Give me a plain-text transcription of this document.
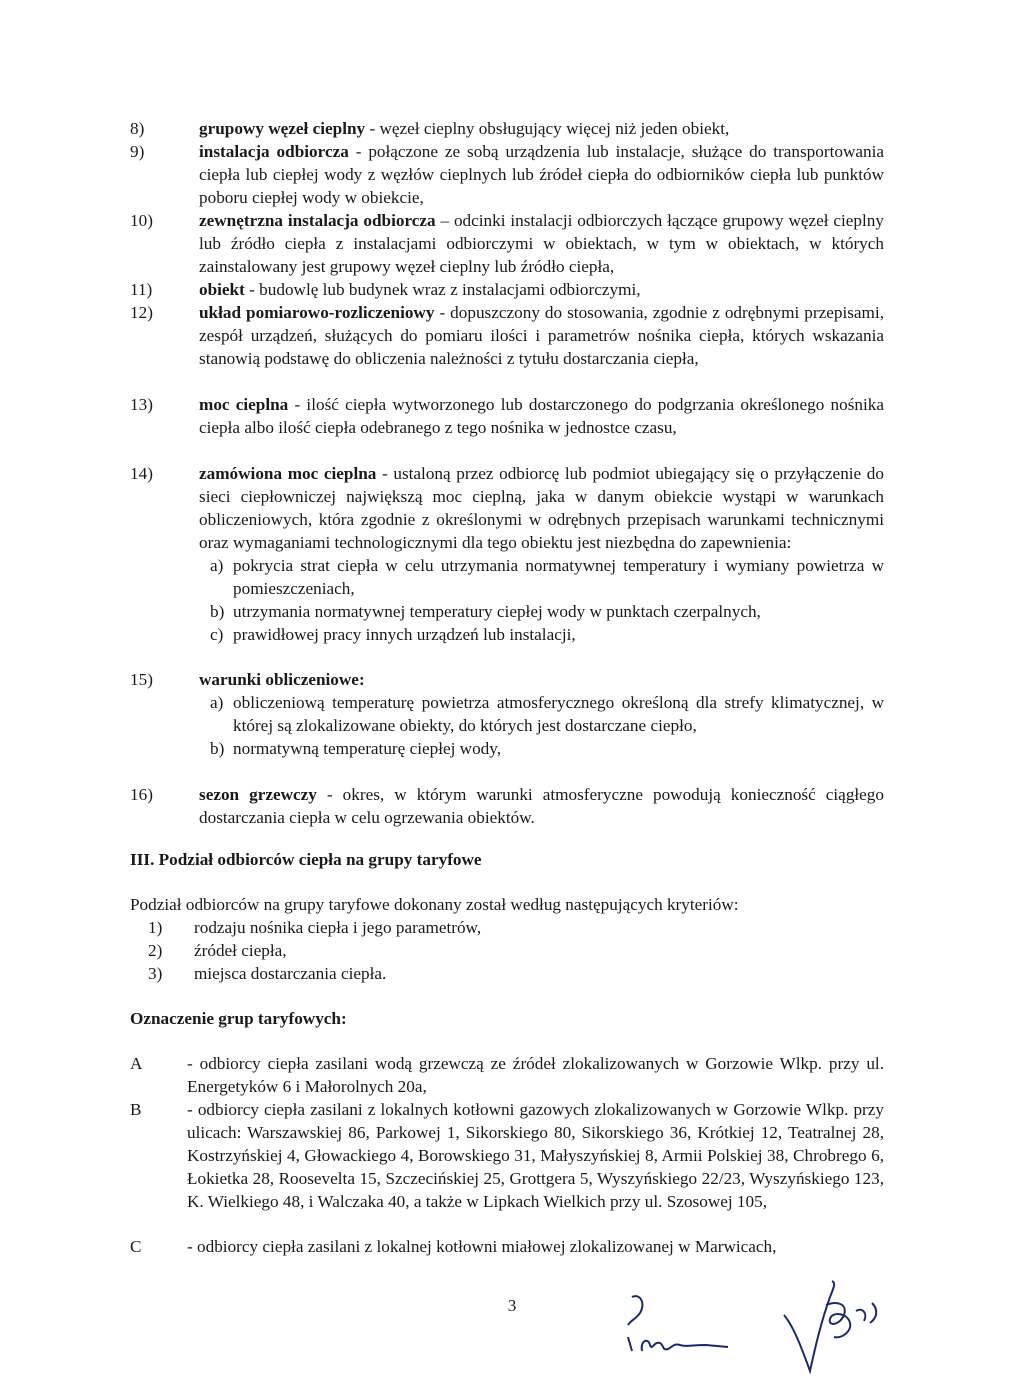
8)	grupowy węzeł cieplny - węzeł cieplny obsługujący więcej niż jeden obiekt,
9)	instalacja odbiorcza - połączone ze sobą urządzenia lub instalacje, służące do transportowania ciepła lub ciepłej wody z węzłów cieplnych lub źródeł ciepła do odbiorników ciepła lub punktów poboru ciepłej wody w obiekcie,
10)	zewnętrzna instalacja odbiorcza – odcinki instalacji odbiorczych łączące grupowy węzeł cieplny lub źródło ciepła z instalacjami odbiorczymi w obiektach, w tym w obiektach, w których zainstalowany jest grupowy węzeł cieplny lub źródło ciepła,
11)	obiekt - budowlę lub budynek wraz z instalacjami odbiorczymi,
12)	układ pomiarowo-rozliczeniowy - dopuszczony do stosowania, zgodnie z odrębnymi przepisami, zespół urządzeń, służących do pomiaru ilości i parametrów nośnika ciepła, których wskazania stanowią podstawę do obliczenia należności z tytułu dostarczania ciepła,
13)	moc cieplna - ilość ciepła wytworzonego lub dostarczonego do podgrzania określonego nośnika ciepła albo ilość ciepła odebranego z tego nośnika w jednostce czasu,
14)	zamówiona moc cieplna - ustaloną przez odbiorcę lub podmiot ubiegający się o przyłączenie do sieci ciepłowniczej największą moc cieplną, jaka w danym obiekcie wystąpi w warunkach obliczeniowych, która zgodnie z określonymi w odrębnych przepisach warunkami technicznymi oraz wymaganiami technologicznymi dla tego obiektu jest niezbędna do zapewnienia:
a) pokrycia strat ciepła w celu utrzymania normatywnej temperatury i wymiany powietrza w pomieszczeniach,
b) utrzymania normatywnej temperatury ciepłej wody w punktach czerpalnych,
c) prawidłowej pracy innych urządzeń lub instalacji,
15)	warunki obliczeniowe:
a) obliczeniową temperaturę powietrza atmosferycznego określoną dla strefy klimatycznej, w której są zlokalizowane obiekty, do których jest dostarczane ciepło,
b) normatywną temperaturę ciepłej wody,
16)	sezon grzewczy - okres, w którym warunki atmosferyczne powodują konieczność ciągłego dostarczania ciepła w celu ogrzewania obiektów.
III. Podział odbiorców ciepła na grupy taryfowe
Podział odbiorców na grupy taryfowe dokonany został według następujących kryteriów:
1) rodzaju nośnika ciepła i jego parametrów,
2) źródeł ciepła,
3) miejsca dostarczania ciepła.
Oznaczenie grup taryfowych:
A	- odbiorcy ciepła zasilani wodą grzewczą ze źródeł zlokalizowanych w Gorzowie Wlkp. przy ul. Energetyków 6 i Małorolnych 20a,
B	- odbiorcy ciepła zasilani z lokalnych kotłowni gazowych zlokalizowanych w Gorzowie Wlkp. przy ulicach: Warszawskiej 86, Parkowej 1, Sikorskiego 80, Sikorskiego 36, Krótkiej 12, Teatralnej 28, Kostrzyńskiej 4, Głowackiego 4, Borowskiego 31, Małyszyńskiej 8, Armii Polskiej 38, Chrobrego 6, Łokietka 28, Roosevelta 15, Szczecińskiej 25, Grottgera 5, Wyszyńskiego 22/23, Wyszyńskiego 123, K. Wielkiego 48, i Walczaka 40, a także w Lipkach Wielkich przy ul. Szosowej 105,
C	- odbiorcy ciepła zasilani z lokalnej kotłowni miałowej zlokalizowanej w Marwicach,
3
